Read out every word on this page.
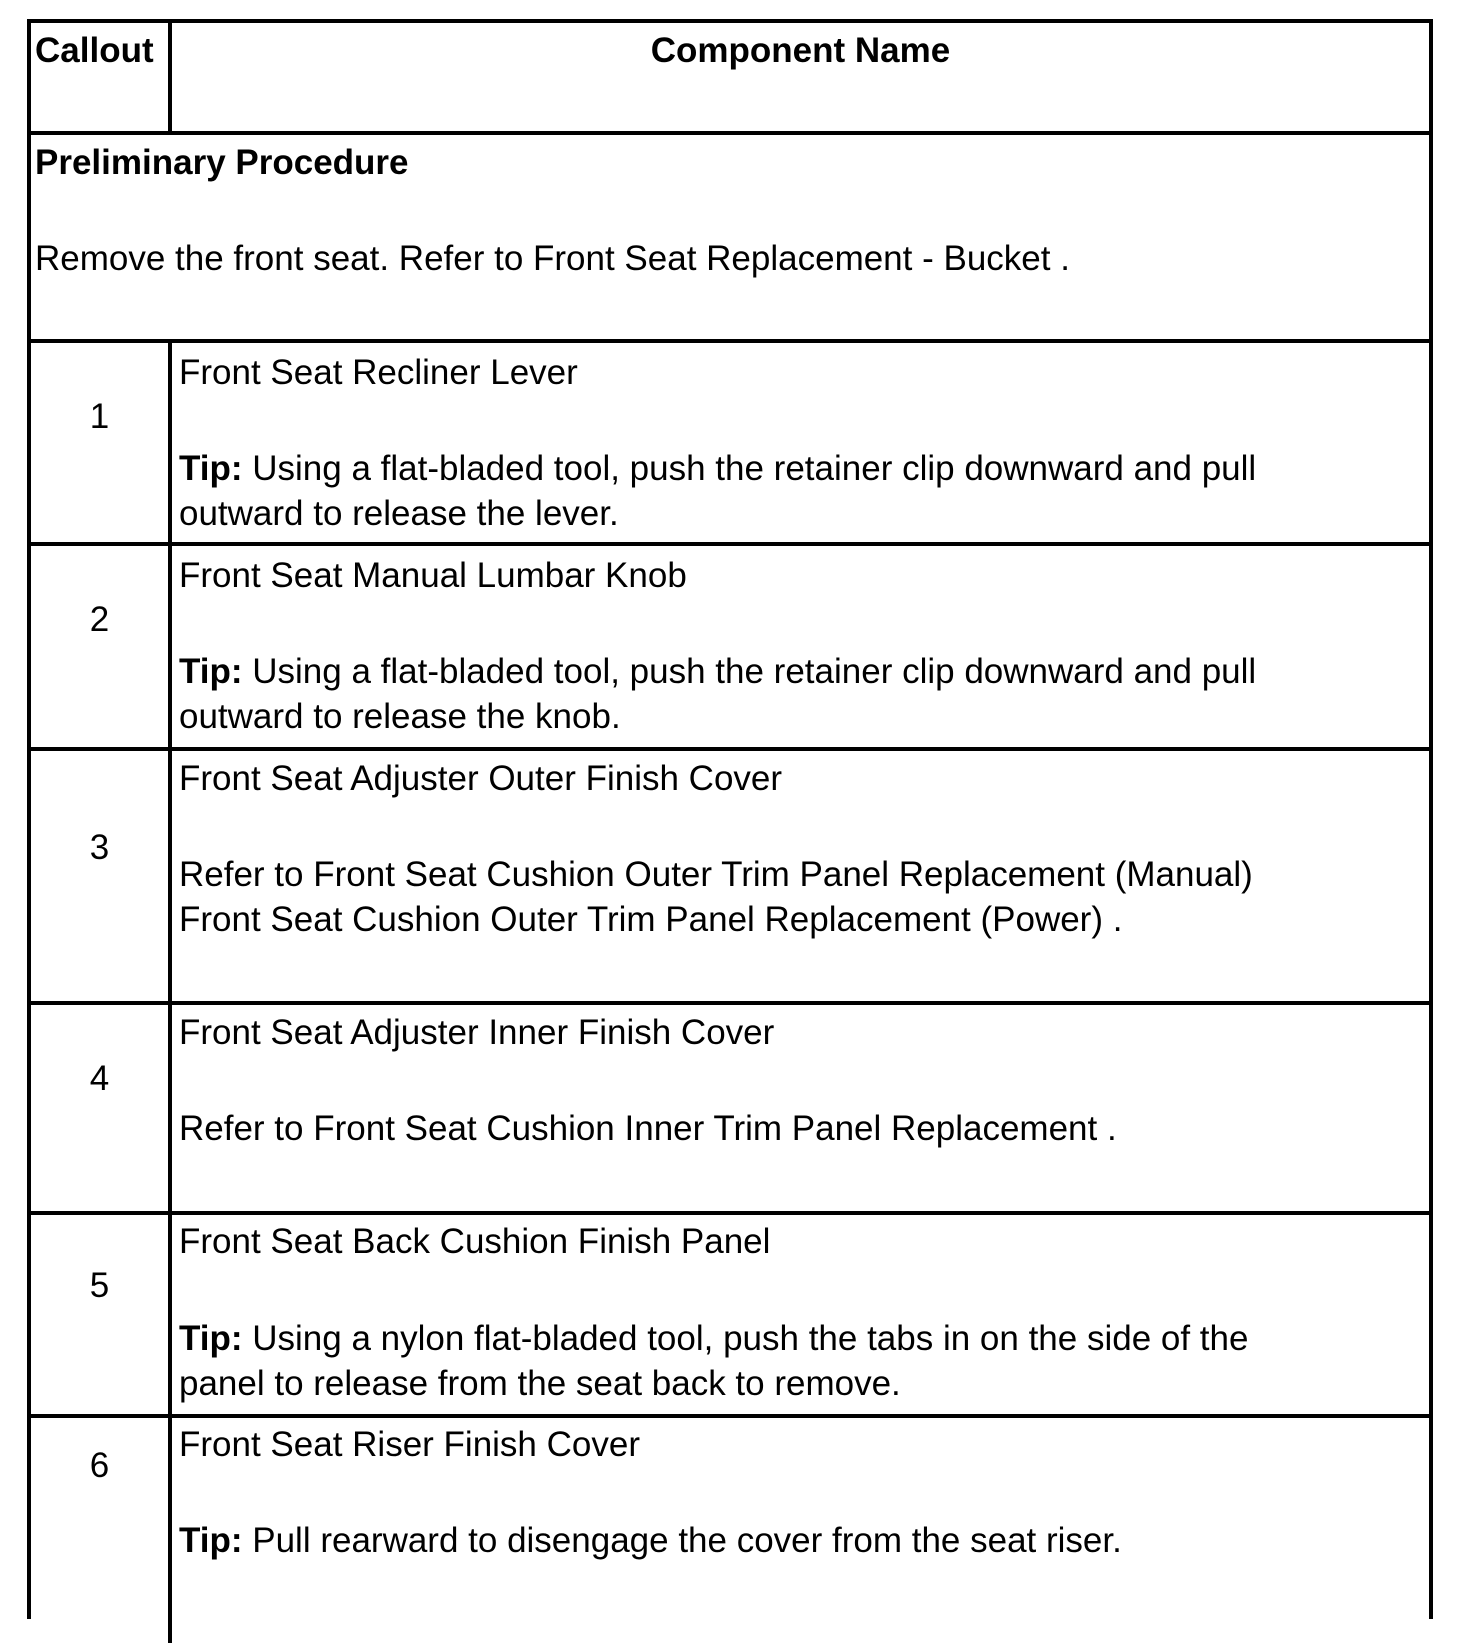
Callout	Component Name
Preliminary Procedure
Remove the front seat. Refer to Front Seat Replacement - Bucket .
1
Front Seat Recliner Lever
Tip: Using a flat-bladed tool, push the retainer clip downward and pull
outward to release the lever.
2
Front Seat Manual Lumbar Knob
Tip: Using a flat-bladed tool, push the retainer clip downward and pull
outward to release the knob.
3
Front Seat Adjuster Outer Finish Cover
Refer to Front Seat Cushion Outer Trim Panel Replacement (Manual)
Front Seat Cushion Outer Trim Panel Replacement (Power) .
4
Front Seat Adjuster Inner Finish Cover
Refer to Front Seat Cushion Inner Trim Panel Replacement .
5
Front Seat Back Cushion Finish Panel
Tip: Using a nylon flat-bladed tool, push the tabs in on the side of the
panel to release from the seat back to remove.
6
Front Seat Riser Finish Cover
Tip: Pull rearward to disengage the cover from the seat riser.
